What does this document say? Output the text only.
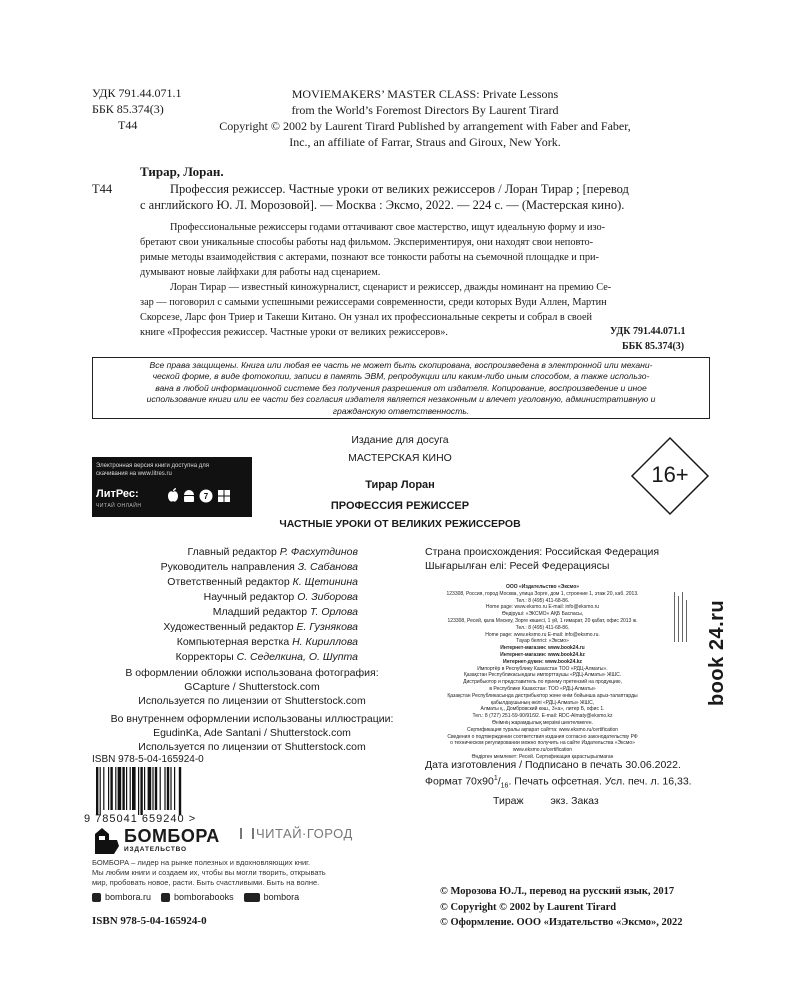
УДК 791.44.071.1
ББК 85.374(3)
Т44
MOVIEMAKERS’ MASTER CLASS: Private Lessons
from the World’s Foremost Directors By Laurent Tirard
Copyright © 2002 by Laurent Tirard Published by arrangement with Faber and Faber,
Inc., an affiliate of Farrar, Straus and Giroux, New York.
Тирар, Лоран.
Т44	Профессия режиссер. Частные уроки от великих режиссеров / Лоран Тирар ; [перевод
с английского Ю. Л. Морозовой]. — Москва : Эксмо, 2022. — 224 с. — (Мастерская кино).
Профессиональные режиссеры годами оттачивают свое мастерство, ищут идеальную форму и изо-
бретают свои уникальные способы работы над фильмом. Экспериментируя, они находят свои неповто-
римые методы взаимодействия с актерами, познают все тонкости работы на съемочной площадке и при-
думывают новые лайфхаки для работы над сценарием.
Лоран Тирар — известный киножурналист, сценарист и режиссер, дважды номинант на премию Се-
зар — поговорил с самыми успешными режиссерами современности, среди которых Вуди Аллен, Мартин
Скорсезе, Ларс фон Триер и Такеши Китано. Он узнал их профессиональные секреты и собрал в своей
книге «Профессия режиссер. Частные уроки от великих режиссеров».	УДК 791.44.071.1
ББК 85.374(3)
Все права защищены. Книга или любая ее часть не может быть скопирована, воспроизведена в электронной или механи-
ческой форме, в виде фотокопии, записи в память ЭВМ, репродукции или каким-либо иным способом, а также использо-
вана в любой информационной системе без получения разрешения от издателя. Копирование, воспроизведение и иное
использование книги или ее части без согласия издателя является незаконным и влечет уголовную, административную и
гражданскую ответственность.
Издание для досуга
МАСТЕРСКАЯ КИНО
Электронная версия книги доступна для
скачивания на www.litres.ru
ЛитРес:
ЧИТАЙ ОНЛАЙН
7
16+
Тирар Лоран
ПРОФЕССИЯ РЕЖИССЕР
ЧАСТНЫЕ УРОКИ ОТ ВЕЛИКИХ РЕЖИССЕРОВ
Главный редактор Р. Фасхутдинов
Руководитель направления З. Сабанова
Ответственный редактор К. Щетинина
Научный редактор О. Зиборова
Младший редактор Т. Орлова
Художественный редактор Е. Гузнякова
Компьютерная верстка Н. Кириллова
Корректоры С. Седелкина, О. Шупта
В оформлении обложки использована фотография:
GCapture / Shutterstock.com
Используется по лицензии от Shutterstock.com
Во внутреннем оформлении использованы иллюстрации:
EgudinKa, Ade Santani / Shutterstock.com
Используется по лицензии от Shutterstock.com
ISBN 978-5-04-165924-0
9 785041 659240 >
БОМБОРА
ИЗДАТЕЛЬСТВО
ЧИТАЙ·ГОРОД
БОМБОРА – лидер на рынке полезных и вдохновляющих книг.
Мы любим книги и создаем их, чтобы вы могли творить, открывать
мир, пробовать новое, расти. Быть счастливыми. Быть на волне.
bombora.ru	bomborabooks	bombora
ISBN 978-5-04-165924-0
Страна происхождения: Российская Федерация
Шығарылған елі: Ресей Федерациясы
ООО «Издательство «Эксмо»
123308, Россия, город Москва, улица Зорге, дом 1, строение 1, этаж 20, каб. 2013.
Тел.: 8 (495) 411-68-86.
Home page: www.eksmo.ru E-mail: info@eksmo.ru
Өндіруші: «ЭКСМО» АҚБ Баспасы,
123308, Ресей, қала Мәскеу, Зорге көшесі, 1 үй, 1 ғимарат, 20 қабат, офис 2013 ж.
Тел.: 8 (495) 411-68-86.
Home page: www.eksmo.ru E-mail: info@eksmo.ru.
Тауар белгісі: «Эксмо»
Интернет-магазин: www.book24.ru
Интернет-магазин: www.book24.kz
Интернет-дүкен: www.book24.kz
Импортёр в Республику Казахстан ТОО «РДЦ-Алматы».
Қазақстан Республикасындағы импорттаушы «РДЦ-Алматы» ЖШС.
Дистрибьютор и представитель по приему претензий на продукцию,
в Республике Казахстан: ТОО «РДЦ-Алматы»
Қазақстан Республикасында дистрибьютор және өнім бойынша арыз-талаптарды
қабылдаушының өкілі «РДЦ-Алматы» ЖШС,
Алматы қ., Домбровский көш., 3«а», литер Б, офис 1.
Тел.: 8 (727) 251-59-90/91/92. E-mail: RDC-Almaty@eksmo.kz
Өнімнің жарамдылық мерзімі шектелмеген.
Сертификация туралы ақпарат сайтта: www.eksmo.ru/certification
Сведения о подтверждении соответствия издания согласно законодательству РФ
о техническом регулировании можно получить на сайте Издательства «Эксмо»
www.eksmo.ru/certification
Өндірген мемлекет: Ресей. Сертификация қарастырылмаған
book 24.ru
Дата изготовления / Подписано в печать 30.06.2022.
Формат $70x90^1/_{16}$. Печать офсетная. Усл. печ. л. 16,33.
Тираж	экз. Заказ
© Морозова Ю.Л., перевод на русский язык, 2017
© Copyright © 2002 by Laurent Tirard
© Оформление. ООО «Издательство «Эксмо», 2022
